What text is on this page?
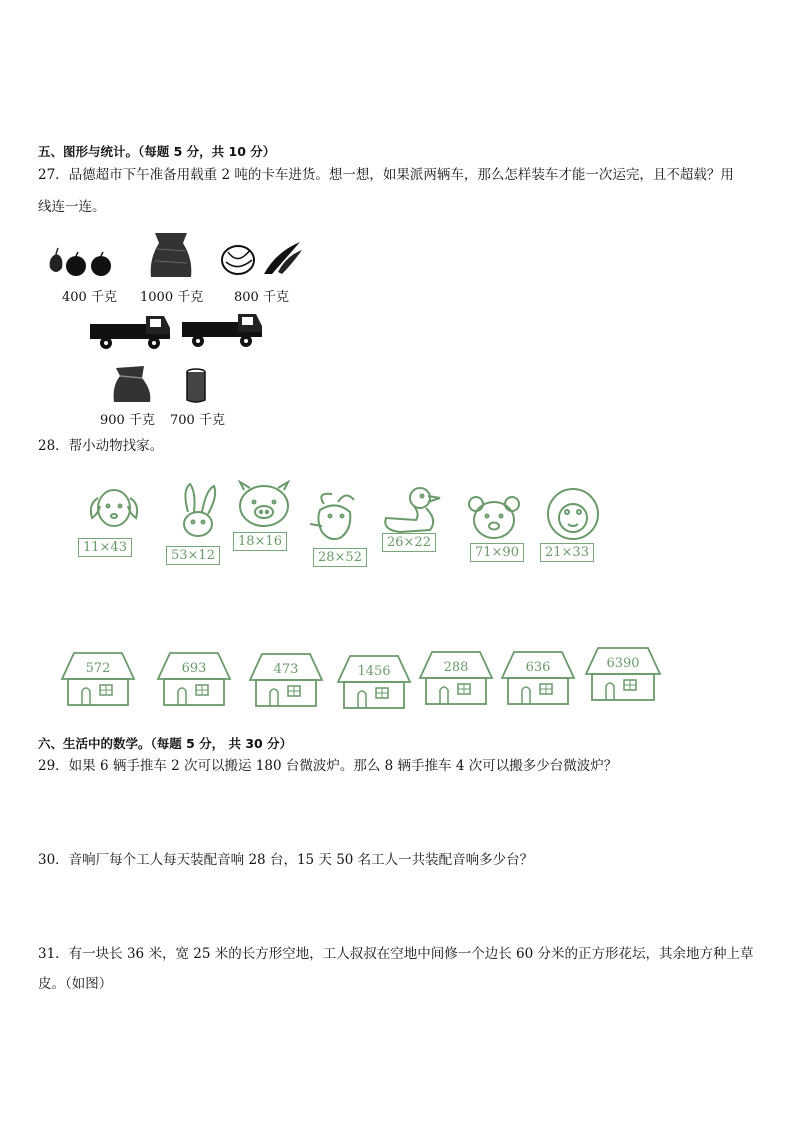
五、图形与统计。（每题 5 分，共 10 分）
27．品德超市下午准备用载重 2 吨的卡车进货。想一想，如果派两辆车，那么怎样装车才能一次运完，且不超载？用
线连一连。
400 千克 1000 千克 800 千克
900 千克 700 千克
28．帮小动物找家。
11×43
53×12
18×16
28×52
26×22
71×90	21×33
572	693	473	1456	288	636	6390
六、生活中的数学。（每题 5 分， 共 30 分）
29．如果 6 辆手推车 2 次可以搬运 180 台微波炉。那么 8 辆手推车 4 次可以搬多少台微波炉？
30．音响厂每个工人每天装配音响 28 台，15 天 50 名工人一共装配音响多少台？
31．有一块长 36 米，宽 25 米的长方形空地，工人叔叔在空地中间修一个边长 60 分米的正方形花坛，其余地方种上草
皮。（如图）
